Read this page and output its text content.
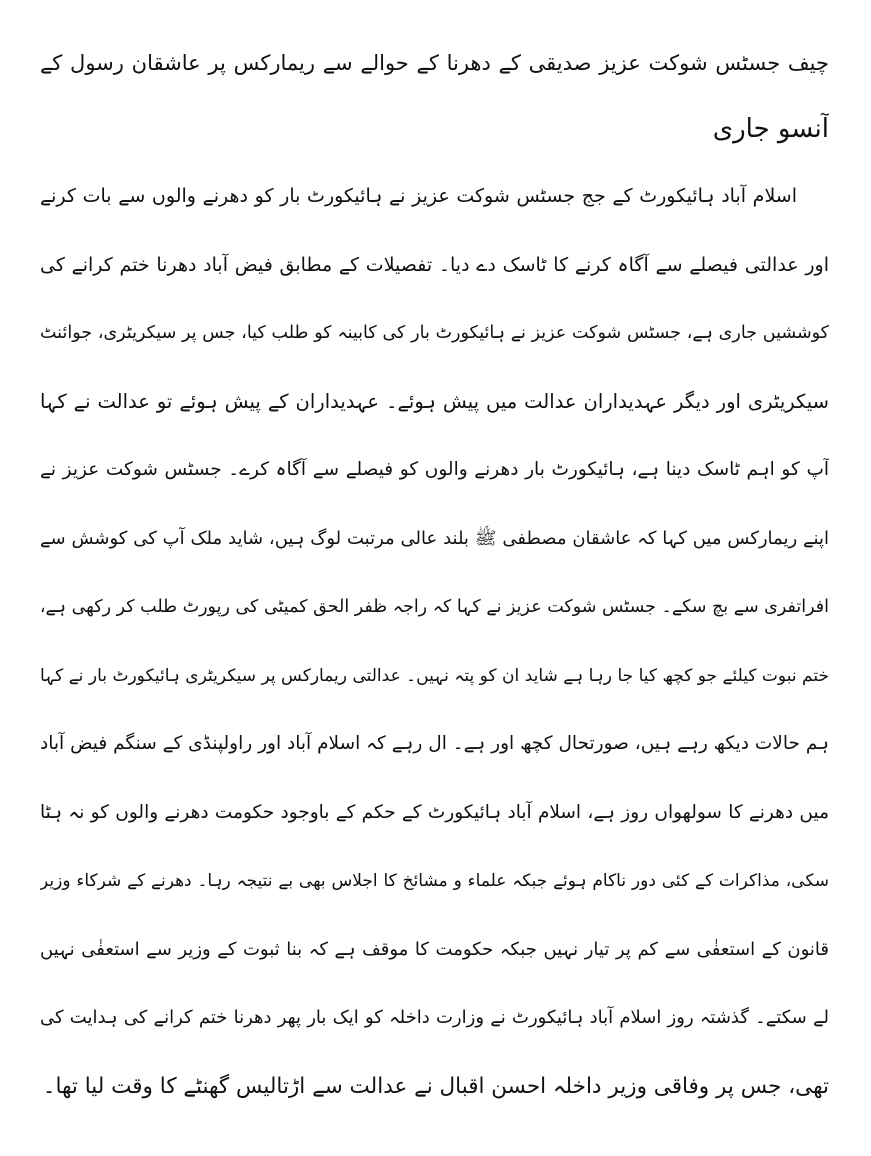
چیف جسٹس شوکت عزیز صدیقی کے دھرنا کے حوالے سے ریمارکس پر عاشقان رسول کے
آنسو جاری
اسلام آباد ہائیکورٹ کے جج جسٹس شوکت عزیز نے ہائیکورٹ بار کو دھرنے والوں سے بات کرنے
اور عدالتی فیصلے سے آگاہ کرنے کا ٹاسک دے دیا۔ تفصیلات کے مطابق فیض آباد دھرنا ختم کرانے کی
کوششیں جاری ہے، جسٹس شوکت عزیز نے ہائیکورٹ بار کی کابینہ کو طلب کیا، جس پر سیکریٹری، جوائنٹ
سیکریٹری اور دیگر عہدیداران عدالت میں پیش ہوئے۔ عہدیداران کے پیش ہوئے تو عدالت نے کہا
آپ کو اہم ٹاسک دینا ہے، ہائیکورٹ بار دھرنے والوں کو فیصلے سے آگاہ کرے۔ جسٹس شوکت عزیز نے
اپنے ریمارکس میں کہا کہ عاشقان مصطفی ﷺ بلند عالی مرتبت لوگ ہیں، شاید ملک آپ کی کوشش سے
افراتفری سے بچ سکے۔ جسٹس شوکت عزیز نے کہا کہ راجہ ظفر الحق کمیٹی کی رپورٹ طلب کر رکھی ہے،
ختم نبوت کیلئے جو کچھ کیا جا رہا ہے شاید ان کو پتہ نہیں۔ عدالتی ریمارکس پر سیکریٹری ہائیکورٹ بار نے کہا
ہم حالات دیکھ رہے ہیں، صورتحال کچھ اور ہے۔ ال رہے کہ اسلام آباد اور راولپنڈی کے سنگم فیض آباد
میں دھرنے کا سولھواں روز ہے، اسلام آباد ہائیکورٹ کے حکم کے باوجود حکومت دھرنے والوں کو نہ ہٹا
سکی، مذاکرات کے کئی دور ناکام ہوئے جبکہ علماء و مشائخ کا اجلاس بھی بے نتیجہ رہا۔ دھرنے کے شرکاء وزیر
قانون کے استعفٰی سے کم پر تیار نہیں جبکہ حکومت کا موقف ہے کہ بنا ثبوت کے وزیر سے استعفٰی نہیں
لے سکتے۔ گذشتہ روز اسلام آباد ہائیکورٹ نے وزارت داخلہ کو ایک بار پھر دھرنا ختم کرانے کی ہدایت کی
تھی، جس پر وفاقی وزیر داخلہ احسن اقبال نے عدالت سے اڑتالیس گھنٹے کا وقت لیا تھا۔
